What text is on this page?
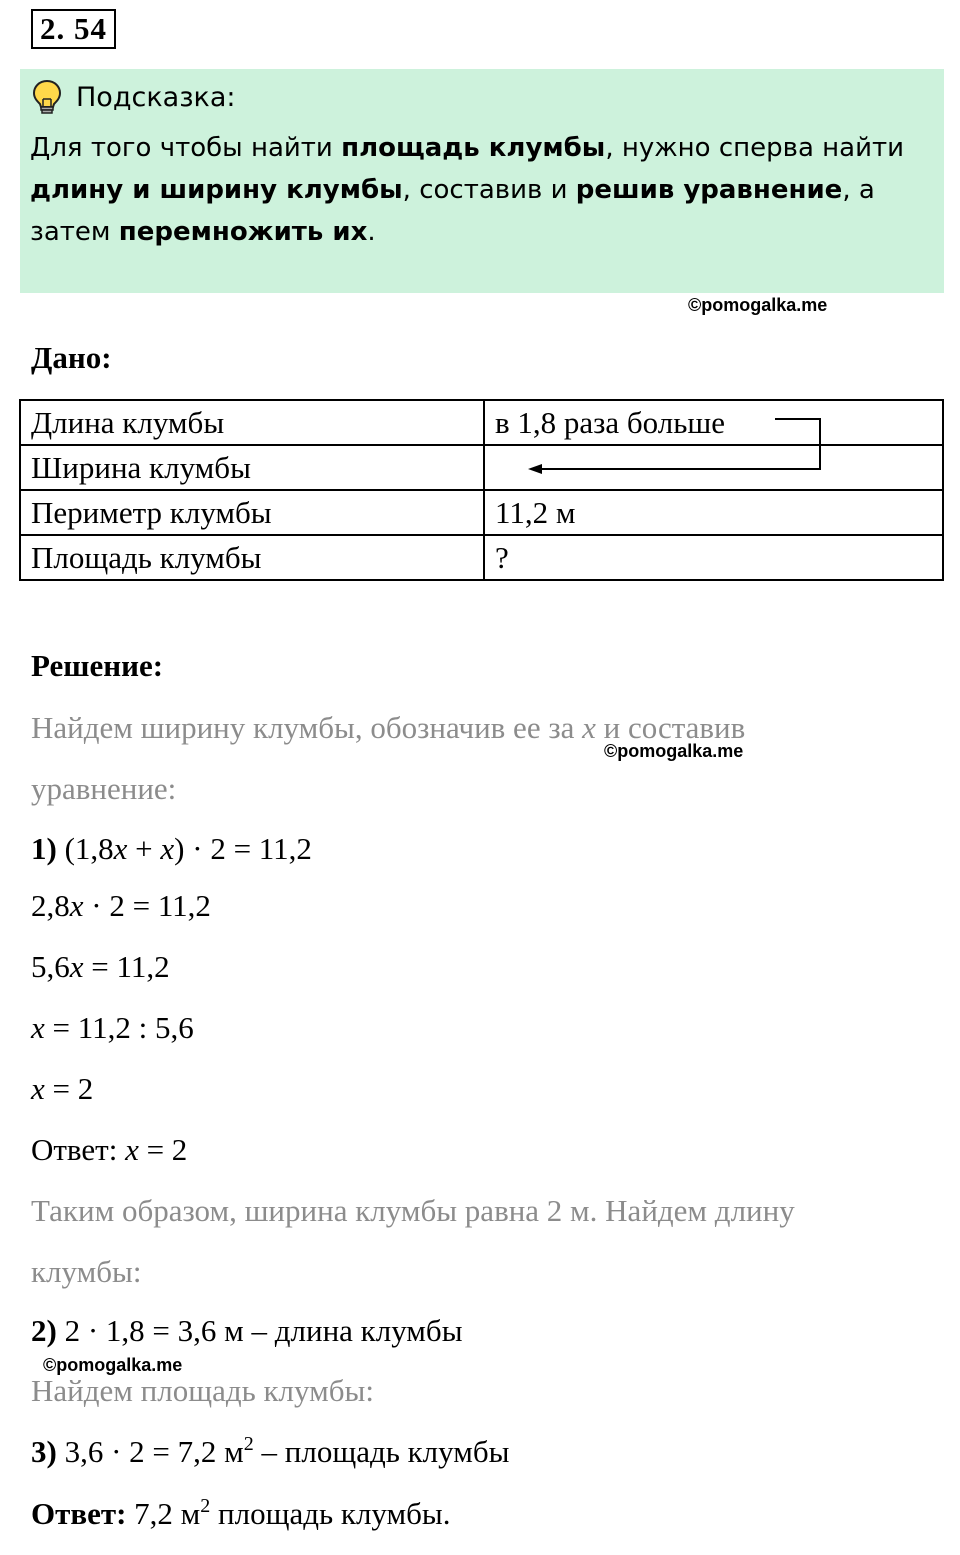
2. 54
Подсказка:
Для того чтобы найти площадь клумбы, нужно сперва найти длину и ширину клумбы, составив и решив уравнение, а затем перемножить их.
©pomogalka.me
Дано:
Длина клумбы	в 1,8 раза больше
Ширина клумбы	
Периметр клумбы	11,2 м
Площадь клумбы	?
Решение:
Найдем ширину клумбы, обозначив ее за x и составив
©pomogalka.me
уравнение:
1) (1,8x + x) · 2 = 11,2
2,8x · 2 = 11,2
5,6x = 11,2
x = 11,2 : 5,6
x = 2
Ответ: x = 2
Таким образом, ширина клумбы равна 2 м. Найдем длину
клумбы:
2) 2 · 1,8 = 3,6 м – длина клумбы
©pomogalka.me
Найдем площадь клумбы:
3) 3,6 · 2 = 7,2 $м^2$ – площадь клумбы
Ответ: 7,2 $м^2$ площадь клумбы.
